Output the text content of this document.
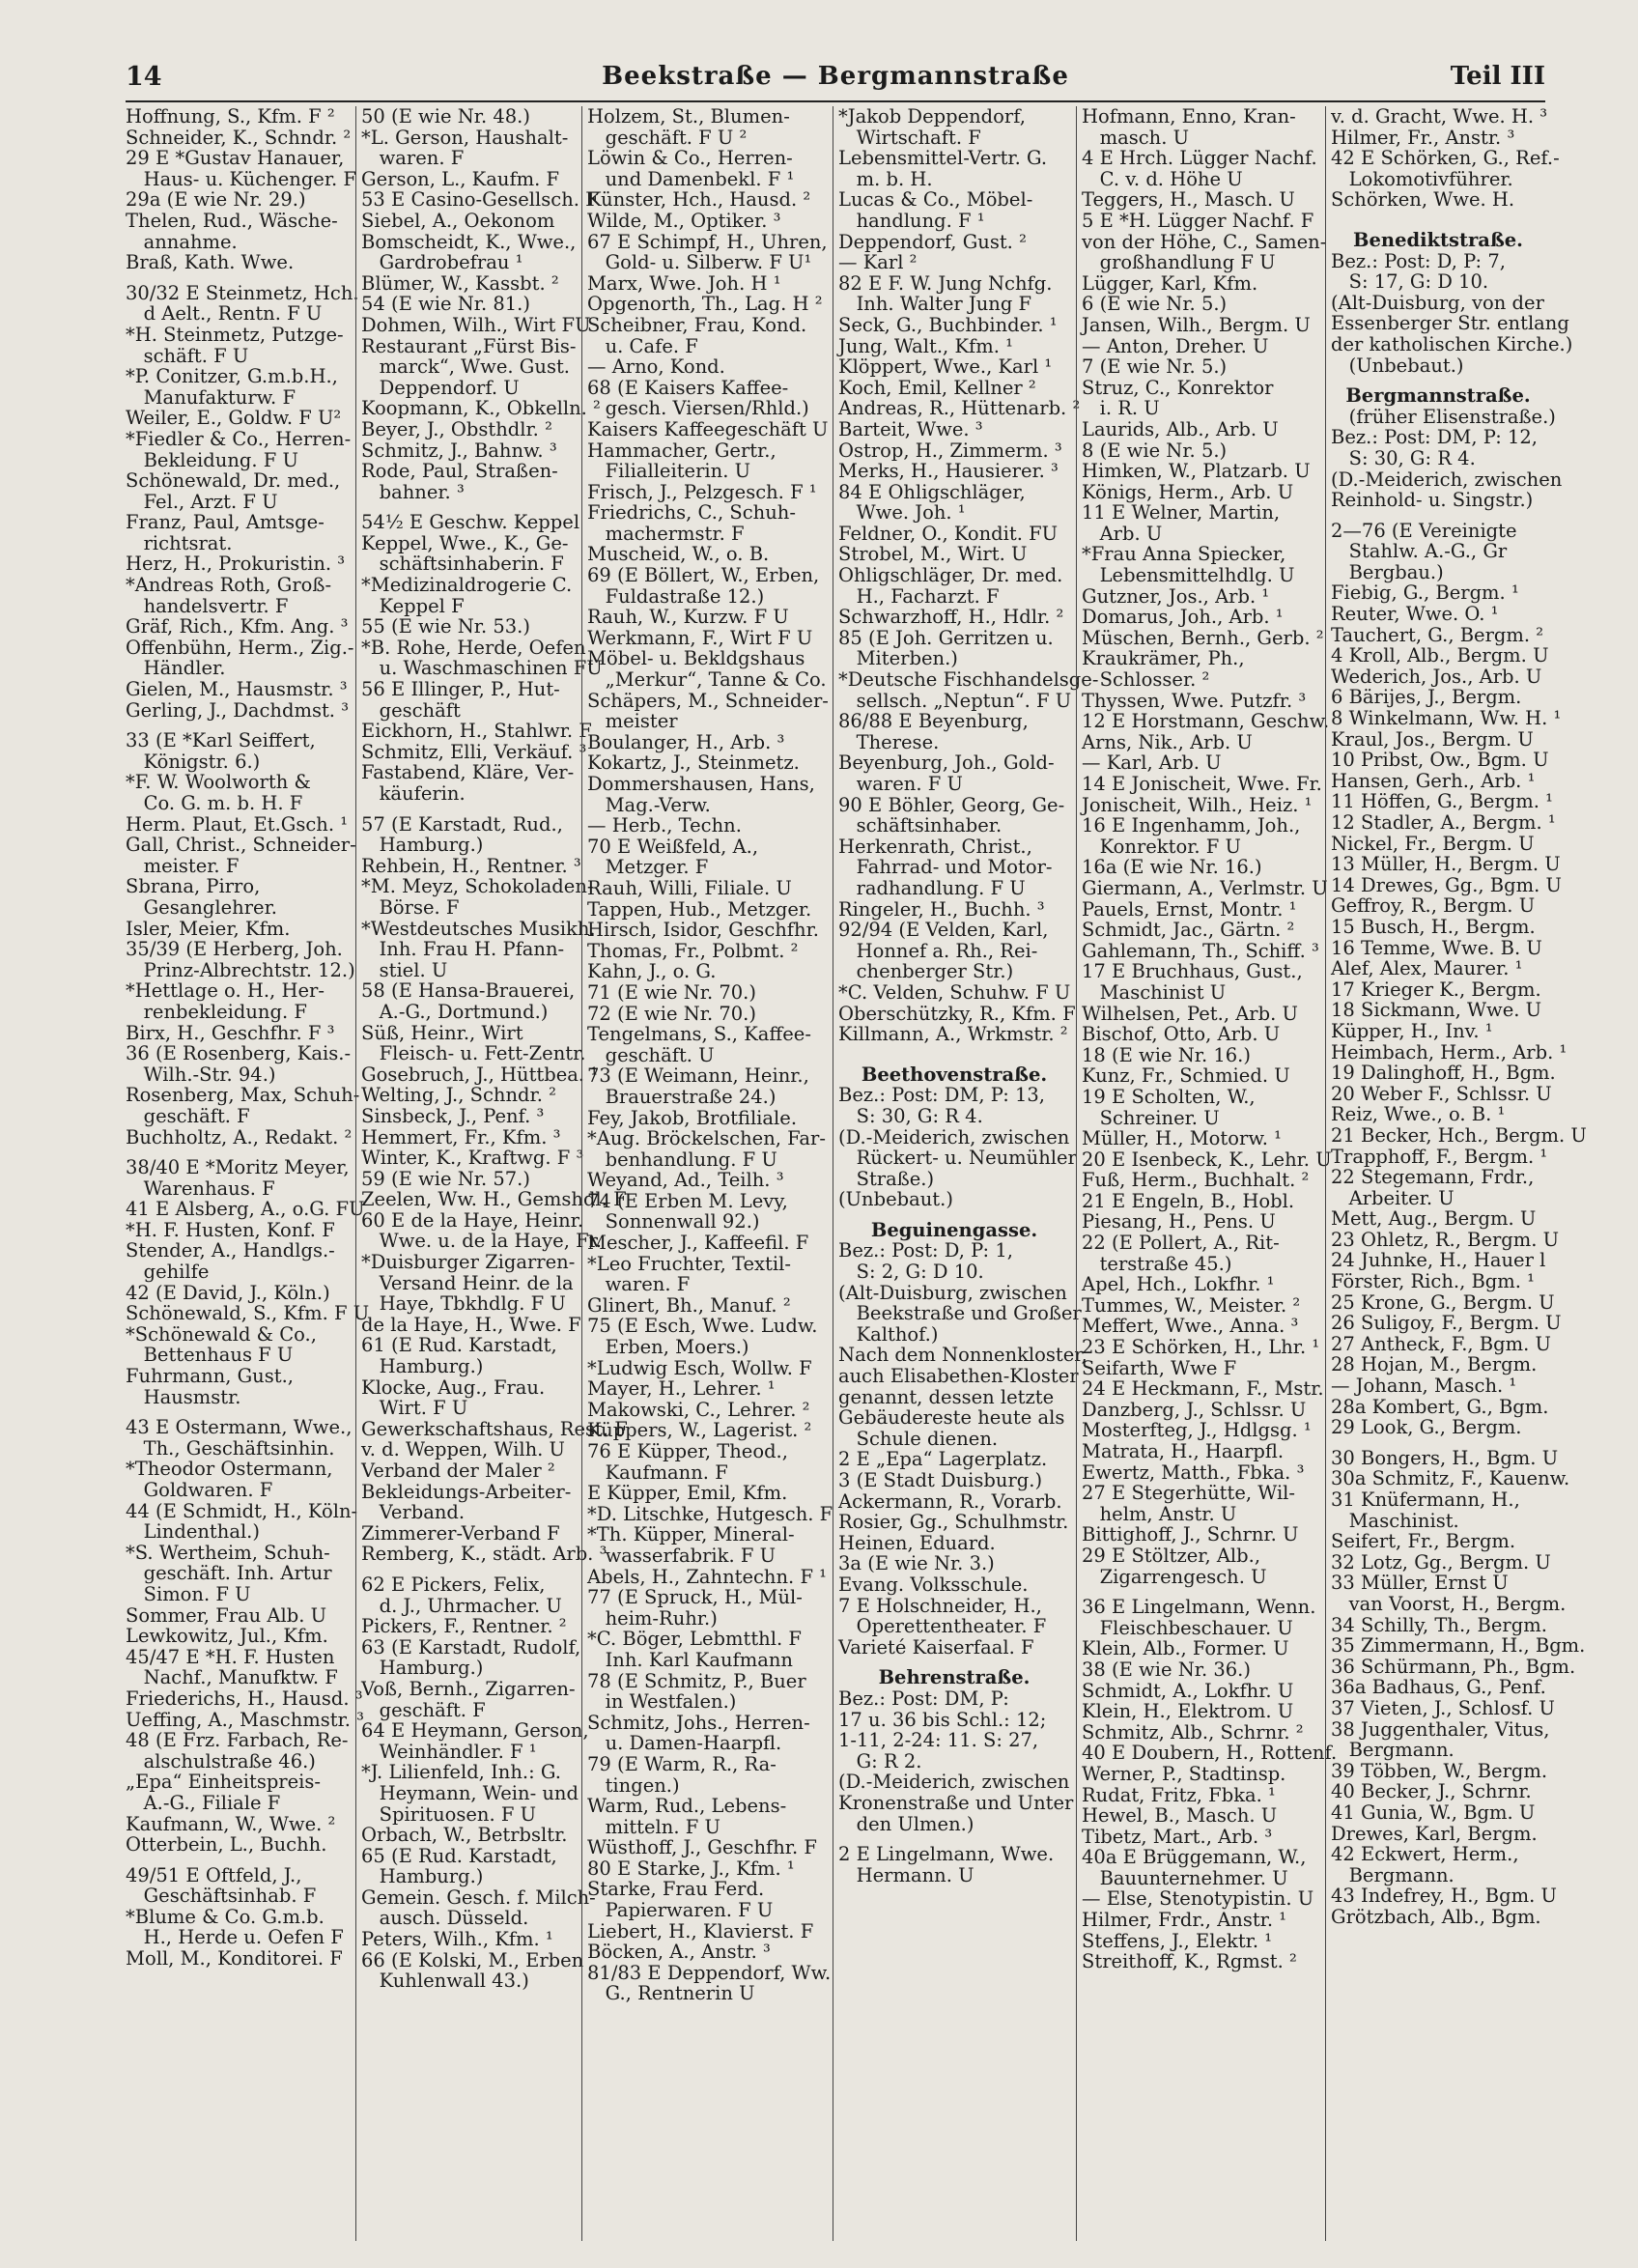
14	Beekstraße — Bergmannstraße	Teil III
Hoffnung, S., Kfm. F ²
Schneider, K., Schndr. ²
29 E *Gustav Hanauer,
Haus- u. Küchenger. F
29a (E wie Nr. 29.)
Thelen, Rud., Wäsche-
annahme.
Braß, Kath. Wwe.
30/32 E Steinmetz, Hch.
d Aelt., Rentn. F U
*H. Steinmetz, Putzge-
schäft. F U
*P. Conitzer, G.m.b.H.,
Manufakturw. F
Weiler, E., Goldw. F U²
*Fiedler & Co., Herren-
Bekleidung. F U
Schönewald, Dr. med.,
Fel., Arzt. F U
Franz, Paul, Amtsge-
richtsrat.
Herz, H., Prokuristin. ³
*Andreas Roth, Groß-
handelsvertr. F
Gräf, Rich., Kfm. Ang. ³
Offenbühn, Herm., Zig.-
Händler.
Gielen, M., Hausmstr. ³
Gerling, J., Dachdmst. ³
33 (E *Karl Seiffert,
Königstr. 6.)
*F. W. Woolworth &
Co. G. m. b. H. F
Herm. Plaut, Et.Gsch. ¹
Gall, Christ., Schneider-
meister. F
Sbrana, Pirro,
Gesanglehrer.
Isler, Meier, Kfm.
35/39 (E Herberg, Joh.
Prinz-Albrechtstr. 12.)
*Hettlage o. H., Her-
renbekleidung. F
Birx, H., Geschfhr. F ³
36 (E Rosenberg, Kais.-
Wilh.-Str. 94.)
Rosenberg, Max, Schuh-
geschäft. F
Buchholtz, A., Redakt. ²
38/40 E *Moritz Meyer,
Warenhaus. F
41 E Alsberg, A., o.G. FU
*H. F. Husten, Konf. F
Stender, A., Handlgs.-
gehilfe
42 (E David, J., Köln.)
Schönewald, S., Kfm. F U
*Schönewald & Co.,
Bettenhaus F U
Fuhrmann, Gust.,
Hausmstr.
43 E Ostermann, Wwe.,
Th., Geschäftsinhin.
*Theodor Ostermann,
Goldwaren. F
44 (E Schmidt, H., Köln-
Lindenthal.)
*S. Wertheim, Schuh-
geschäft. Inh. Artur
Simon. F U
Sommer, Frau Alb. U
Lewkowitz, Jul., Kfm.
45/47 E *H. F. Husten
Nachf., Manufktw. F
Friederichs, H., Hausd. ³
Ueffing, A., Maschmstr. ³
48 (E Frz. Farbach, Re-
alschulstraße 46.)
„Epa“ Einheitspreis-
A.-G., Filiale F
Kaufmann, W., Wwe. ²
Otterbein, L., Buchh.
49/51 E Oftfeld, J.,
Geschäftsinhab. F
*Blume & Co. G.m.b.
H., Herde u. Oefen F
Moll, M., Konditorei. F
50 (E wie Nr. 48.)
*L. Gerson, Haushalt-
waren. F
Gerson, L., Kaufm. F
53 E Casino-Gesellsch. F
Siebel, A., Oekonom
Bomscheidt, K., Wwe.,
Gardrobefrau ¹
Blümer, W., Kassbt. ²
54 (E wie Nr. 81.)
Dohmen, Wilh., Wirt FU
Restaurant „Fürst Bis-
marck“, Wwe. Gust.
Deppendorf. U
Koopmann, K., Obkelln. ²
Beyer, J., Obsthdlr. ²
Schmitz, J., Bahnw. ³
Rode, Paul, Straßen-
bahner. ³
54½ E Geschw. Keppel
Keppel, Wwe., K., Ge-
schäftsinhaberin. F
*Medizinaldrogerie C.
Keppel F
55 (E wie Nr. 53.)
*B. Rohe, Herde, Oefen
u. Waschmaschinen FU
56 E Illinger, P., Hut-
geschäft
Eickhorn, H., Stahlwr. F
Schmitz, Elli, Verkäuf. ³
Fastabend, Kläre, Ver-
käuferin.
57 (E Karstadt, Rud.,
Hamburg.)
Rehbein, H., Rentner. ³
*M. Meyz, Schokoladen-
Börse. F
*Westdeutsches Musikh.
Inh. Frau H. Pfann-
stiel. U
58 (E Hansa-Brauerei,
A.-G., Dortmund.)
Süß, Heinr., Wirt
Fleisch- u. Fett-Zentr.
Gosebruch, J., Hüttbea. ¹
Welting, J., Schndr. ²
Sinsbeck, J., Penf. ³
Hemmert, Fr., Kfm. ³
Winter, K., Kraftwg. F ³
59 (E wie Nr. 57.)
Zeelen, Ww. H., Gemshdl. F
60 E de la Haye, Heinr.
Wwe. u. de la Haye, Fr.
*Duisburger Zigarren-
Versand Heinr. de la
Haye, Tbkhdlg. F U
de la Haye, H., Wwe. F
61 (E Rud. Karstadt,
Hamburg.)
Klocke, Aug., Frau.
Wirt. F U
Gewerkschaftshaus, Rest. F
v. d. Weppen, Wilh. U
Verband der Maler ²
Bekleidungs-Arbeiter-
Verband.
Zimmerer-Verband F
Remberg, K., städt. Arb. ³
62 E Pickers, Felix,
d. J., Uhrmacher. U
Pickers, F., Rentner. ²
63 (E Karstadt, Rudolf,
Hamburg.)
Voß, Bernh., Zigarren-
geschäft. F
64 E Heymann, Gerson,
Weinhändler. F ¹
*J. Lilienfeld, Inh.: G.
Heymann, Wein- und
Spirituosen. F U
Orbach, W., Betrbsltr.
65 (E Rud. Karstadt,
Hamburg.)
Gemein. Gesch. f. Milch-
ausch. Düsseld.
Peters, Wilh., Kfm. ¹
66 (E Kolski, M., Erben
Kuhlenwall 43.)
Holzem, St., Blumen-
geschäft. F U ²
Löwin & Co., Herren-
und Damenbekl. F ¹
Künster, Hch., Hausd. ²
Wilde, M., Optiker. ³
67 E Schimpf, H., Uhren,
Gold- u. Silberw. F U¹
Marx, Wwe. Joh. H ¹
Opgenorth, Th., Lag. H ²
Scheibner, Frau, Kond.
u. Cafe. F
— Arno, Kond.
68 (E Kaisers Kaffee-
gesch. Viersen/Rhld.)
Kaisers Kaffeegeschäft U
Hammacher, Gertr.,
Filialleiterin. U
Frisch, J., Pelzgesch. F ¹
Friedrichs, C., Schuh-
machermstr. F
Muscheid, W., o. B.
69 (E Böllert, W., Erben,
Fuldastraße 12.)
Rauh, W., Kurzw. F U
Werkmann, F., Wirt F U
Möbel- u. Bekldgshaus
„Merkur“, Tanne & Co.
Schäpers, M., Schneider-
meister
Boulanger, H., Arb. ³
Kokartz, J., Steinmetz.
Dommershausen, Hans,
Mag.-Verw.
— Herb., Techn.
70 E Weißfeld, A.,
Metzger. F
Rauh, Willi, Filiale. U
Tappen, Hub., Metzger.
Hirsch, Isidor, Geschfhr.
Thomas, Fr., Polbmt. ²
Kahn, J., o. G.
71 (E wie Nr. 70.)
72 (E wie Nr. 70.)
Tengelmans, S., Kaffee-
geschäft. U
73 (E Weimann, Heinr.,
Brauerstraße 24.)
Fey, Jakob, Brotfiliale.
*Aug. Bröckelschen, Far-
benhandlung. F U
Weyand, Ad., Teilh. ³
74 (E Erben M. Levy,
Sonnenwall 92.)
Mescher, J., Kaffeefil. F
*Leo Fruchter, Textil-
waren. F
Glinert, Bh., Manuf. ²
75 (E Esch, Wwe. Ludw.
Erben, Moers.)
*Ludwig Esch, Wollw. F
Mayer, H., Lehrer. ¹
Makowski, C., Lehrer. ²
Küppers, W., Lagerist. ²
76 E Küpper, Theod.,
Kaufmann. F
E Küpper, Emil, Kfm.
*D. Litschke, Hutgesch. F
*Th. Küpper, Mineral-
wasserfabrik. F U
Abels, H., Zahntechn. F ¹
77 (E Spruck, H., Mül-
heim-Ruhr.)
*C. Böger, Lebmtthl. F
Inh. Karl Kaufmann
78 (E Schmitz, P., Buer
in Westfalen.)
Schmitz, Johs., Herren-
u. Damen-Haarpfl.
79 (E Warm, R., Ra-
tingen.)
Warm, Rud., Lebens-
mitteln. F U
Wüsthoff, J., Geschfhr. F
80 E Starke, J., Kfm. ¹
Starke, Frau Ferd.
Papierwaren. F U
Liebert, H., Klavierst. F
Böcken, A., Anstr. ³
81/83 E Deppendorf, Ww.
G., Rentnerin U
*Jakob Deppendorf,
Wirtschaft. F
Lebensmittel-Vertr. G.
m. b. H.
Lucas & Co., Möbel-
handlung. F ¹
Deppendorf, Gust. ²
— Karl ²
82 E F. W. Jung Nchfg.
Inh. Walter Jung F
Seck, G., Buchbinder. ¹
Jung, Walt., Kfm. ¹
Klöppert, Wwe., Karl ¹
Koch, Emil, Kellner ²
Andreas, R., Hüttenarb. ²
Barteit, Wwe. ³
Ostrop, H., Zimmerm. ³
Merks, H., Hausierer. ³
84 E Ohligschläger,
Wwe. Joh. ¹
Feldner, O., Kondit. FU
Strobel, M., Wirt. U
Ohligschläger, Dr. med.
H., Facharzt. F
Schwarzhoff, H., Hdlr. ²
85 (E Joh. Gerritzen u.
Miterben.)
*Deutsche Fischhandelsge-
sellsch. „Neptun“. F U
86/88 E Beyenburg,
Therese.
Beyenburg, Joh., Gold-
waren. F U
90 E Böhler, Georg, Ge-
schäftsinhaber.
Herkenrath, Christ.,
Fahrrad- und Motor-
radhandlung. F U
Ringeler, H., Buchh. ³
92/94 (E Velden, Karl,
Honnef a. Rh., Rei-
chenberger Str.)
*C. Velden, Schuhw. F U
Oberschützky, R., Kfm. F
Killmann, A., Wrkmstr. ²
Beethovenstraße.
Bez.: Post: DM, P: 13,
S: 30, G: R 4.
(D.-Meiderich, zwischen
Rückert- u. Neumühler
Straße.)
(Unbebaut.)
Beguinengasse.
Bez.: Post: D, P: 1,
S: 2, G: D 10.
(Alt-Duisburg, zwischen
Beekstraße und Großer
Kalthof.)
Nach dem Nonnenkloster,
auch Elisabethen-Kloster
genannt, dessen letzte
Gebäudereste heute als
Schule dienen.
2 E „Epa“ Lagerplatz.
3 (E Stadt Duisburg.)
Ackermann, R., Vorarb.
Rosier, Gg., Schulhmstr.
Heinen, Eduard.
3a (E wie Nr. 3.)
Evang. Volksschule.
7 E Holschneider, H.,
Operettentheater. F
Varieté Kaiserfaal. F
Behrenstraße.
Bez.: Post: DM, P:
17 u. 36 bis Schl.: 12;
1-11, 2-24: 11. S: 27,
G: R 2.
(D.-Meiderich, zwischen
Kronenstraße und Unter
den Ulmen.)
2 E Lingelmann, Wwe.
Hermann. U
Hofmann, Enno, Kran-
masch. U
4 E Hrch. Lügger Nachf.
C. v. d. Höhe U
Teggers, H., Masch. U
5 E *H. Lügger Nachf. F
von der Höhe, C., Samen-
großhandlung F U
Lügger, Karl, Kfm.
6 (E wie Nr. 5.)
Jansen, Wilh., Bergm. U
— Anton, Dreher. U
7 (E wie Nr. 5.)
Struz, C., Konrektor
i. R. U
Laurids, Alb., Arb. U
8 (E wie Nr. 5.)
Himken, W., Platzarb. U
Königs, Herm., Arb. U
11 E Welner, Martin,
Arb. U
*Frau Anna Spiecker,
Lebensmittelhdlg. U
Gutzner, Jos., Arb. ¹
Domarus, Joh., Arb. ¹
Müschen, Bernh., Gerb. ²
Kraukrämer, Ph.,
Schlosser. ²
Thyssen, Wwe. Putzfr. ³
12 E Horstmann, Geschw.
Arns, Nik., Arb. U
— Karl, Arb. U
14 E Jonischeit, Wwe. Fr.
Jonischeit, Wilh., Heiz. ¹
16 E Ingenhamm, Joh.,
Konrektor. F U
16a (E wie Nr. 16.)
Giermann, A., Verlmstr. U
Pauels, Ernst, Montr. ¹
Schmidt, Jac., Gärtn. ²
Gahlemann, Th., Schiff. ³
17 E Bruchhaus, Gust.,
Maschinist U
Wilhelsen, Pet., Arb. U
Bischof, Otto, Arb. U
18 (E wie Nr. 16.)
Kunz, Fr., Schmied. U
19 E Scholten, W.,
Schreiner. U
Müller, H., Motorw. ¹
20 E Isenbeck, K., Lehr. U
Fuß, Herm., Buchhalt. ²
21 E Engeln, B., Hobl.
Piesang, H., Pens. U
22 (E Pollert, A., Rit-
terstraße 45.)
Apel, Hch., Lokfhr. ¹
Tummes, W., Meister. ²
Meffert, Wwe., Anna. ³
23 E Schörken, H., Lhr. ¹
Seifarth, Wwe F
24 E Heckmann, F., Mstr.
Danzberg, J., Schlssr. U
Mosterfteg, J., Hdlgsg. ¹
Matrata, H., Haarpfl.
Ewertz, Matth., Fbka. ³
27 E Stegerhütte, Wil-
helm, Anstr. U
Bittighoff, J., Schrnr. U
29 E Stöltzer, Alb.,
Zigarrengesch. U
36 E Lingelmann, Wenn.
Fleischbeschauer. U
Klein, Alb., Former. U
38 (E wie Nr. 36.)
Schmidt, A., Lokfhr. U
Klein, H., Elektrom. U
Schmitz, Alb., Schrnr. ²
40 E Doubern, H., Rottenf.
Werner, P., Stadtinsp.
Rudat, Fritz, Fbka. ¹
Hewel, B., Masch. U
Tibetz, Mart., Arb. ³
40a E Brüggemann, W.,
Bauunternehmer. U
— Else, Stenotypistin. U
Hilmer, Frdr., Anstr. ¹
Steffens, J., Elektr. ¹
Streithoff, K., Rgmst. ²
v. d. Gracht, Wwe. H. ³
Hilmer, Fr., Anstr. ³
42 E Schörken, G., Ref.-
Lokomotivführer.
Schörken, Wwe. H.
Benediktstraße.
Bez.: Post: D, P: 7,
S: 17, G: D 10.
(Alt-Duisburg, von der
Essenberger Str. entlang
der katholischen Kirche.)
(Unbebaut.)
Bergmannstraße.
(früher Elisenstraße.)
Bez.: Post: DM, P: 12,
S: 30, G: R 4.
(D.-Meiderich, zwischen
Reinhold- u. Singstr.)
2—76 (E Vereinigte
Stahlw. A.-G., Gr
Bergbau.)
Fiebig, G., Bergm. ¹
Reuter, Wwe. O. ¹
Tauchert, G., Bergm. ²
4 Kroll, Alb., Bergm. U
Wederich, Jos., Arb. U
6 Bärijes, J., Bergm.
8 Winkelmann, Ww. H. ¹
Kraul, Jos., Bergm. U
10 Pribst, Ow., Bgm. U
Hansen, Gerh., Arb. ¹
11 Höffen, G., Bergm. ¹
12 Stadler, A., Bergm. ¹
Nickel, Fr., Bergm. U
13 Müller, H., Bergm. U
14 Drewes, Gg., Bgm. U
Geffroy, R., Bergm. U
15 Busch, H., Bergm.
16 Temme, Wwe. B. U
Alef, Alex, Maurer. ¹
17 Krieger K., Bergm.
18 Sickmann, Wwe. U
Küpper, H., Inv. ¹
Heimbach, Herm., Arb. ¹
19 Dalinghoff, H., Bgm.
20 Weber F., Schlssr. U
Reiz, Wwe., o. B. ¹
21 Becker, Hch., Bergm. U
Trapphoff, F., Bergm. ¹
22 Stegemann, Frdr.,
Arbeiter. U
Mett, Aug., Bergm. U
23 Ohletz, R., Bergm. U
24 Juhnke, H., Hauer l
Förster, Rich., Bgm. ¹
25 Krone, G., Bergm. U
26 Suligoy, F., Bergm. U
27 Antheck, F., Bgm. U
28 Hojan, M., Bergm.
— Johann, Masch. ¹
28a Kombert, G., Bgm.
29 Look, G., Bergm.
30 Bongers, H., Bgm. U
30a Schmitz, F., Kauenw.
31 Knüfermann, H.,
Maschinist.
Seifert, Fr., Bergm.
32 Lotz, Gg., Bergm. U
33 Müller, Ernst U
van Voorst, H., Bergm.
34 Schilly, Th., Bergm.
35 Zimmermann, H., Bgm.
36 Schürmann, Ph., Bgm.
36a Badhaus, G., Penf.
37 Vieten, J., Schlosf. U
38 Juggenthaler, Vitus,
Bergmann.
39 Többen, W., Bergm.
40 Becker, J., Schrnr.
41 Gunia, W., Bgm. U
Drewes, Karl, Bergm.
42 Eckwert, Herm.,
Bergmann.
43 Indefrey, H., Bgm. U
Grötzbach, Alb., Bgm.
